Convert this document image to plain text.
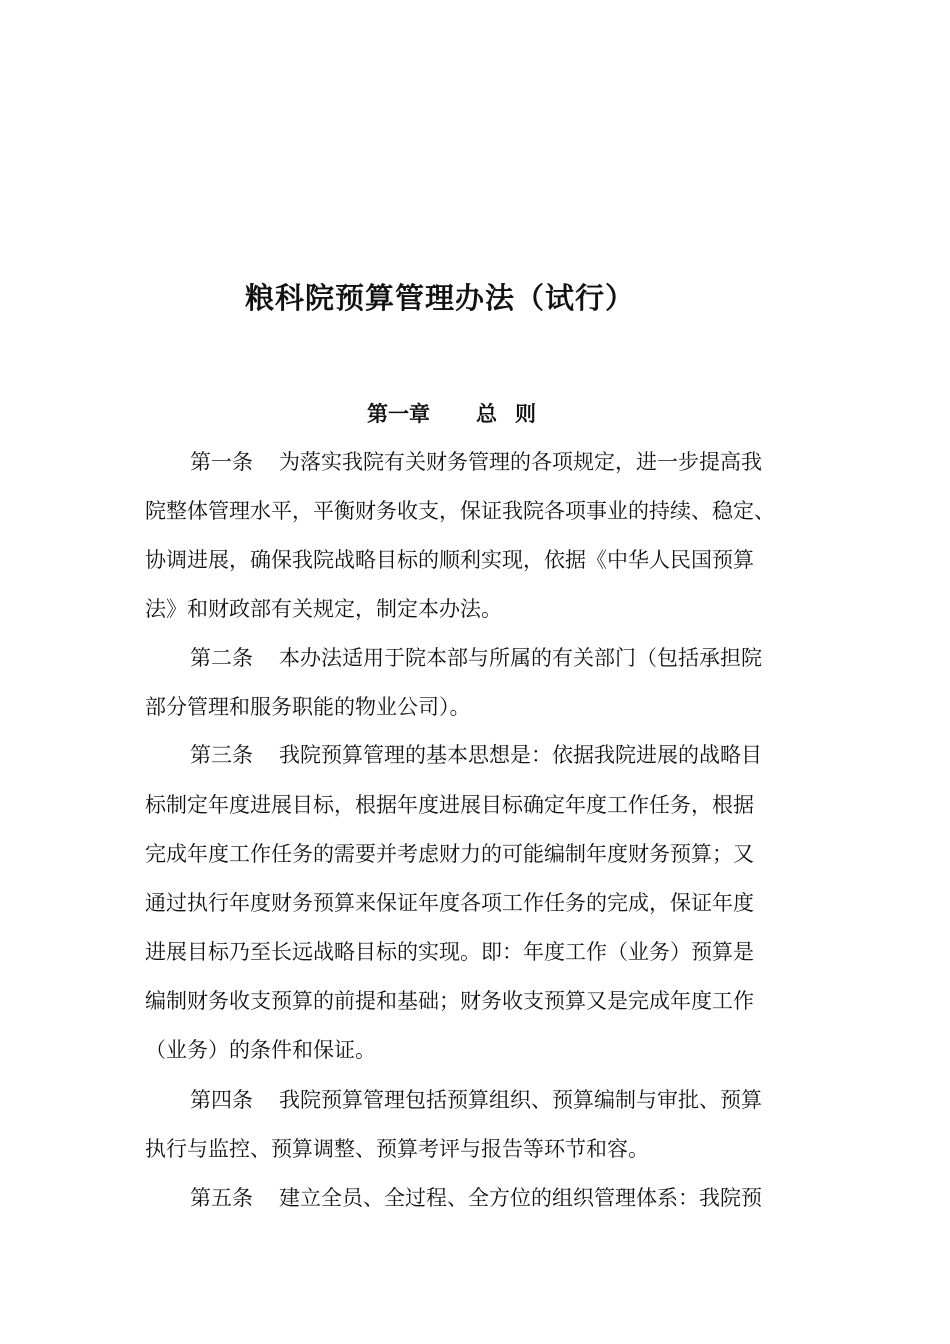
粮科院预算管理办法（试行）
第一章 总 则
第一条 为落实我院有关财务管理的各项规定，进一步提高我
院整体管理水平，平衡财务收支，保证我院各项事业的持续、稳定、
协调进展，确保我院战略目标的顺利实现，依据《中华人民国预算
法》和财政部有关规定，制定本办法。
第二条 本办法适用于院本部与所属的有关部门（包括承担院
部分管理和服务职能的物业公司）。
第三条 我院预算管理的基本思想是：依据我院进展的战略目
标制定年度进展目标，根据年度进展目标确定年度工作任务，根据
完成年度工作任务的需要并考虑财力的可能编制年度财务预算；又
通过执行年度财务预算来保证年度各项工作任务的完成，保证年度
进展目标乃至长远战略目标的实现。即：年度工作（业务）预算是
编制财务收支预算的前提和基础；财务收支预算又是完成年度工作
（业务）的条件和保证。
第四条 我院预算管理包括预算组织、预算编制与审批、预算
执行与监控、预算调整、预算考评与报告等环节和容。
第五条 建立全员、全过程、全方位的组织管理体系：我院预
